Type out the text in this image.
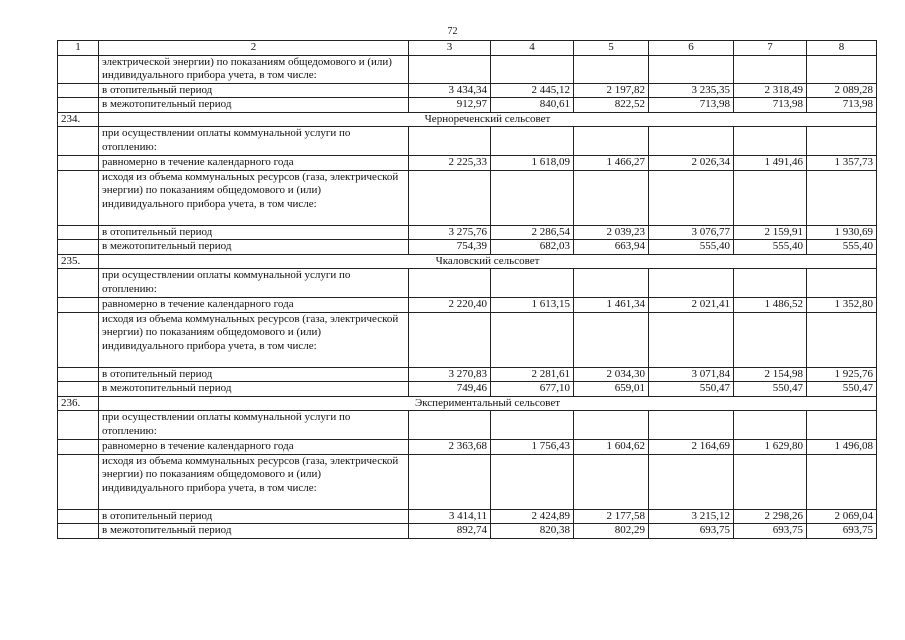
72
1	2	3	4	5	6	7	8
	электрической энергии) по показаниям общедомового и (или) индивидуального прибора учета, в том числе:						
	в отопительный период	3 434,34	2 445,12	2 197,82	3 235,35	2 318,49	2 089,28
	в межотопительный период	912,97	840,61	822,52	713,98	713,98	713,98
234.	Чернореченский сельсовет						
	при осуществлении оплаты коммунальной услуги по отоплению:						
	равномерно в течение календарного года	2 225,33	1 618,09	1 466,27	2 026,34	1 491,46	1 357,73
	исходя из объема коммунальных ресурсов (газа, электрической энергии) по показаниям общедомового и (или) индивидуального прибора учета, в том числе:						
	в отопительный период	3 275,76	2 286,54	2 039,23	3 076,77	2 159,91	1 930,69
	в межотопительный период	754,39	682,03	663,94	555,40	555,40	555,40
235.	Чкаловский сельсовет						
	при осуществлении оплаты коммунальной услуги по отоплению:						
	равномерно в течение календарного года	2 220,40	1 613,15	1 461,34	2 021,41	1 486,52	1 352,80
	исходя из объема коммунальных ресурсов (газа, электрической энергии) по показаниям общедомового и (или) индивидуального прибора учета, в том числе:						
	в отопительный период	3 270,83	2 281,61	2 034,30	3 071,84	2 154,98	1 925,76
	в межотопительный период	749,46	677,10	659,01	550,47	550,47	550,47
236.	Экспериментальный сельсовет						
	при осуществлении оплаты коммунальной услуги по отоплению:						
	равномерно в течение календарного года	2 363,68	1 756,43	1 604,62	2 164,69	1 629,80	1 496,08
	исходя из объема коммунальных ресурсов (газа, электрической энергии) по показаниям общедомового и (или) индивидуального прибора учета, в том числе:						
	в отопительный период	3 414,11	2 424,89	2 177,58	3 215,12	2 298,26	2 069,04
	в межотопительный период	892,74	820,38	802,29	693,75	693,75	693,75
